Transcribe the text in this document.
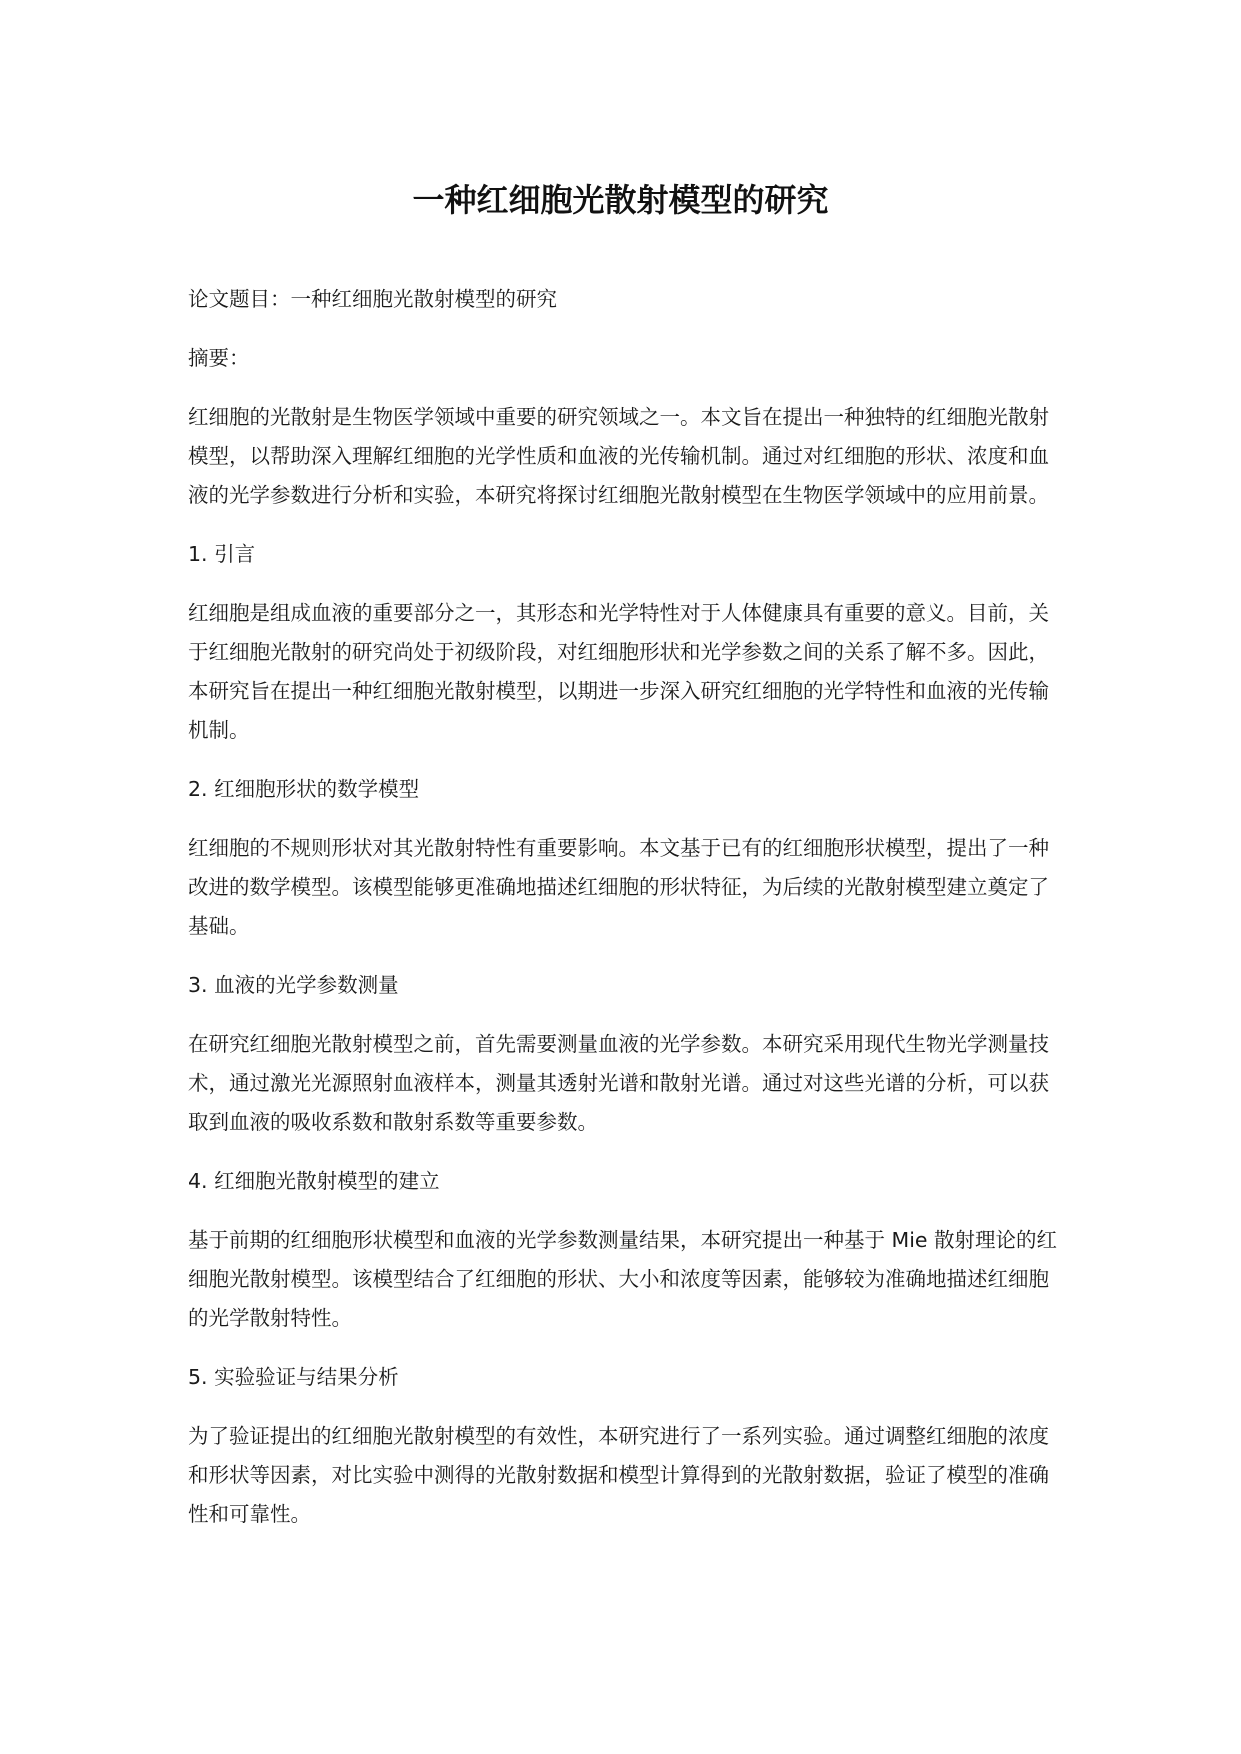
一种红细胞光散射模型的研究

论文题目：一种红细胞光散射模型的研究

摘要：

红细胞的光散射是生物医学领域中重要的研究领域之一。本文旨在提出一种独特的红细胞光散射模型，以帮助深入理解红细胞的光学性质和血液的光传输机制。通过对红细胞的形状、浓度和血液的光学参数进行分析和实验，本研究将探讨红细胞光散射模型在生物医学领域中的应用前景。

1. 引言

红细胞是组成血液的重要部分之一，其形态和光学特性对于人体健康具有重要的意义。目前，关于红细胞光散射的研究尚处于初级阶段，对红细胞形状和光学参数之间的关系了解不多。因此，本研究旨在提出一种红细胞光散射模型，以期进一步深入研究红细胞的光学特性和血液的光传输机制。

2. 红细胞形状的数学模型

红细胞的不规则形状对其光散射特性有重要影响。本文基于已有的红细胞形状模型，提出了一种改进的数学模型。该模型能够更准确地描述红细胞的形状特征，为后续的光散射模型建立奠定了基础。

3. 血液的光学参数测量

在研究红细胞光散射模型之前，首先需要测量血液的光学参数。本研究采用现代生物光学测量技术，通过激光光源照射血液样本，测量其透射光谱和散射光谱。通过对这些光谱的分析，可以获取到血液的吸收系数和散射系数等重要参数。

4. 红细胞光散射模型的建立

基于前期的红细胞形状模型和血液的光学参数测量结果，本研究提出一种基于 Mie 散射理论的红细胞光散射模型。该模型结合了红细胞的形状、大小和浓度等因素，能够较为准确地描述红细胞的光学散射特性。

5. 实验验证与结果分析

为了验证提出的红细胞光散射模型的有效性，本研究进行了一系列实验。通过调整红细胞的浓度和形状等因素，对比实验中测得的光散射数据和模型计算得到的光散射数据，验证了模型的准确性和可靠性。
